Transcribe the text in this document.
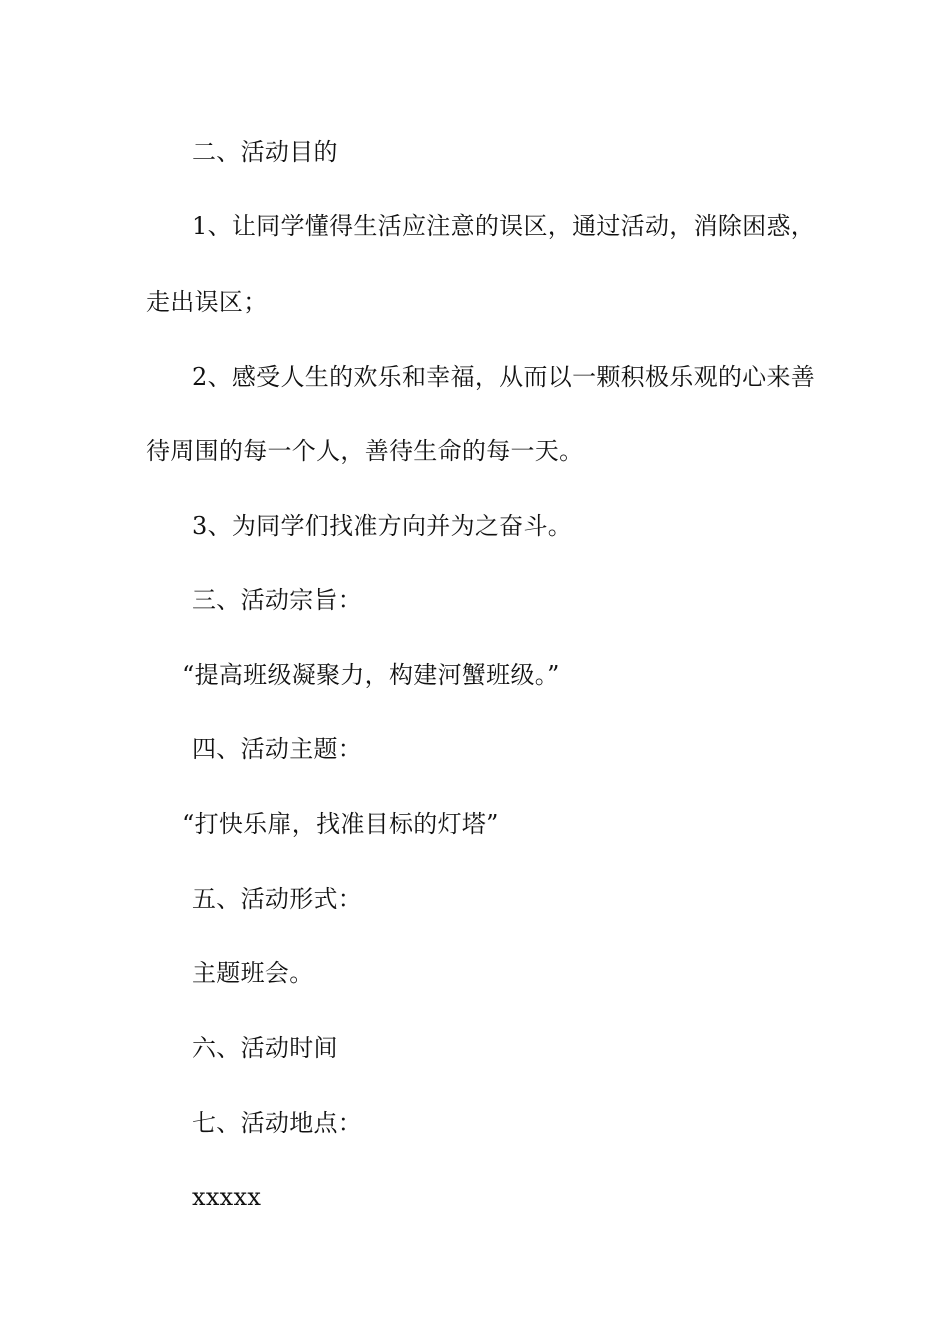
二、活动目的
1、让同学懂得生活应注意的误区，通过活动，消除困惑，
走出误区；
2、感受人生的欢乐和幸福，从而以一颗积极乐观的心来善
待周围的每一个人，善待生命的每一天。
3、为同学们找准方向并为之奋斗。
三、活动宗旨：
“提高班级凝聚力，构建河蟹班级。”
四、活动主题：
“打快乐扉，找准目标的灯塔”
五、活动形式：
主题班会。
六、活动时间
七、活动地点：
xxxxx
